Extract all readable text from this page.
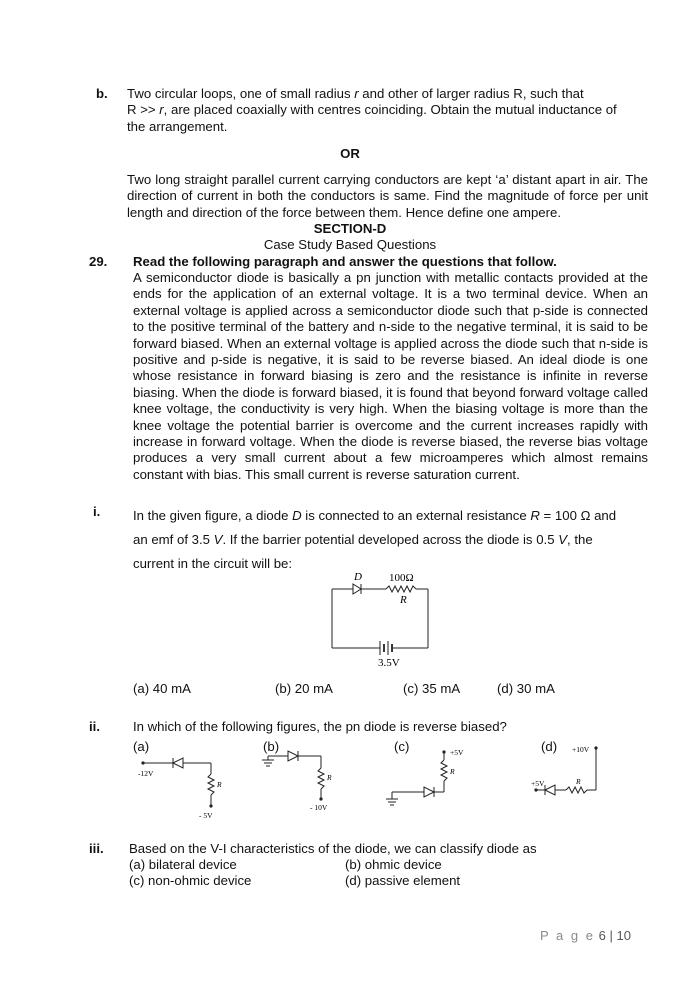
b. Two circular loops, one of small radius r and other of larger radius R, such that
R >> r, are placed coaxially with centres coinciding. Obtain the mutual inductance of
the arrangement.
OR
Two long straight parallel current carrying conductors are kept ‘a’ distant apart in air. The direction of current in both the conductors is same. Find the magnitude of force per unit length and direction of the force between them. Hence define one ampere.
SECTION-D
Case Study Based Questions
29. Read the following paragraph and answer the questions that follow.
A semiconductor diode is basically a pn junction with metallic contacts provided at the ends for the application of an external voltage. It is a two terminal device. When an external voltage is applied across a semiconductor diode such that p-side is connected to the positive terminal of the battery and n-side to the negative terminal, it is said to be forward biased. When an external voltage is applied across the diode such that n-side is positive and p-side is negative, it is said to be reverse biased. An ideal diode is one whose resistance in forward biasing is zero and the resistance is infinite in reverse biasing. When the diode is forward biased, it is found that beyond forward voltage called knee voltage, the conductivity is very high. When the biasing voltage is more than the knee voltage the potential barrier is overcome and the current increases rapidly with increase in forward voltage. When the diode is reverse biased, the reverse bias voltage produces a very small current about a few microamperes which almost remains constant with bias. This small current is reverse saturation current.
i. In the given figure, a diode D is connected to an external resistance R = 100 Ω and
an emf of 3.5 V. If the barrier potential developed across the diode is 0.5 V, the
current in the circuit will be:
D 100Ω
R
3.5V
(a) 40 mA	(b) 20 mA	(c) 35 mA	(d) 30 mA
ii.	In which of the following figures, the pn diode is reverse biased?
(a)	(b)	(c)	(d)
-12V
R
- 5V
R
- 10V
+5V
R
+10V
+5V	R
iii. Based on the V-I characteristics of the diode, we can classify diode as
(a) bilateral device	(b) ohmic device
(c) non-ohmic device	(d) passive element
P a g e 6 | 10
